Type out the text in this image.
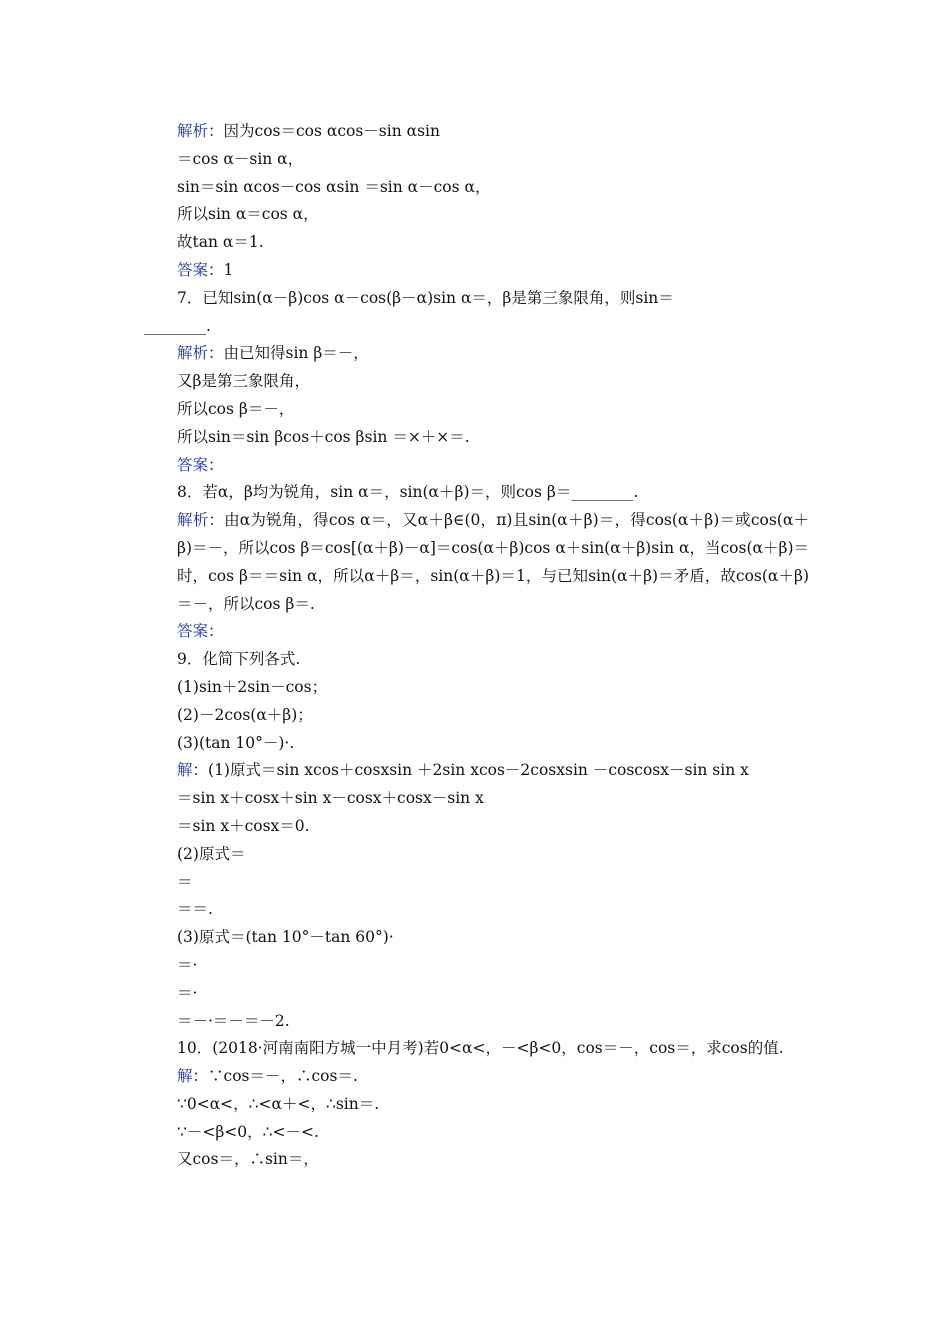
解析：因为cos＝cos αcos－sin αsin
＝cos α－sin α，
sin＝sin αcos－cos αsin ＝sin α－cos α，
所以sin α＝cos α，
故tan α＝1.
答案：1
7．已知sin(α－β)cos α－cos(β－α)sin α＝，β是第三象限角，则sin＝
________.
解析：由已知得sin β＝－，
又β是第三象限角，
所以cos β＝－，
所以sin＝sin βcos＋cos βsin ＝×＋×＝.
答案：
8．若α，β均为锐角，sin α＝，sin(α＋β)＝，则cos β＝________.
解析：由α为锐角，得cos α＝，又α＋β∈(0，π)且sin(α＋β)＝，得cos(α＋β)＝或cos(α＋β)＝－，所以cos β＝cos[(α＋β)－α]＝cos(α＋β)cos α＋sin(α＋β)sin α，当cos(α＋β)＝时，cos β＝＝sin α，所以α＋β＝，sin(α＋β)＝1，与已知sin(α＋β)＝矛盾，故cos(α＋β)＝－，所以cos β＝.
答案：
9．化简下列各式.
(1)sin＋2sin－cos；
(2)－2cos(α＋β)；
(3)(tan 10°－)·.
解：(1)原式＝sin xcos＋cosxsin ＋2sin xcos－2cosxsin －coscosx－sin sin x
＝sin x＋cosx＋sin x－cosx＋cosx－sin x
＝sin x＋cosx＝0.
(2)原式＝
＝
＝＝.
(3)原式＝(tan 10°－tan 60°)·
＝·
＝·
＝－·＝－＝－2.
10．(2018·河南南阳方城一中月考)若0<α<，－<β<0，cos＝－，cos＝，求cos的值.
解：∵cos＝－，∴cos＝.
∵0<α<，∴<α＋<，∴sin＝.
∵－<β<0，∴<－<.
又cos＝，∴sin＝，
